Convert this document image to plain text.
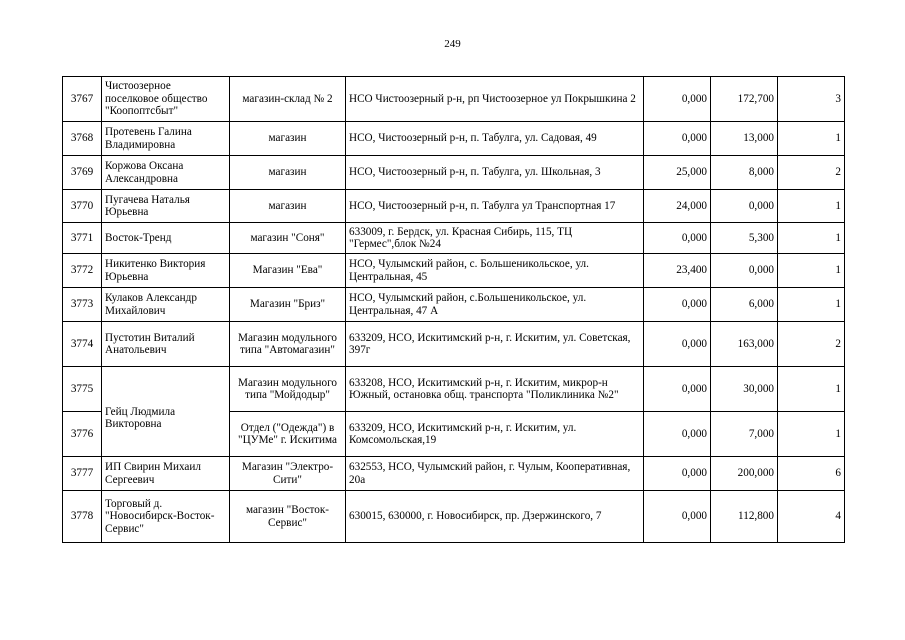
249
3767	Чистоозерное поселковое общество "Коопоптсбыт"	магазин-склад № 2	НСО Чистоозерный р-н, рп Чистоозерное ул Покрышкина 2	0,000	172,700	3
3768	Протевень Галина Владимировна	магазин	НСО, Чистоозерный р-н, п. Табулга, ул. Садовая, 49	0,000	13,000	1
3769	Коржова Оксана Александровна	магазин	НСО, Чистоозерный р-н, п. Табулга, ул. Школьная, 3	25,000	8,000	2
3770	Пугачева Наталья Юрьевна	магазин	НСО, Чистоозерный р-н, п. Табулга ул Транспортная 17	24,000	0,000	1
3771	Восток-Тренд	магазин "Соня"	633009, г. Бердск, ул. Красная Сибирь, 115, ТЦ "Гермес",блок №24	0,000	5,300	1
3772	Никитенко Виктория Юрьевна	Магазин "Ева"	НСО, Чулымский район, с. Большеникольское, ул. Центральная, 45	23,400	0,000	1
3773	Кулаков Александр Михайлович	Магазин "Бриз"	НСО, Чулымский район, с.Большеникольское, ул. Центральная, 47 А	0,000	6,000	1
3774	Пустотин Виталий Анатольевич	Магазин модульного типа "Автомагазин"	633209, НСО, Искитимский р-н, г. Искитим, ул. Советская, 397г	0,000	163,000	2
3775	Гейц Людмила Викторовна	Магазин модульного типа "Мойдодыр"	633208, НСО, Искитимский р-н, г. Искитим, микрор-н Южный, остановка общ. транспорта "Поликлиника №2"	0,000	30,000	1
3776		Отдел ("Одежда") в "ЦУМе" г. Искитима	633209, НСО, Искитимский р-н, г. Искитим, ул. Комсомольская,19	0,000	7,000	1
3777	ИП Свирин Михаил Сергеевич	Магазин "Электро-Сити"	632553, НСО, Чулымский район, г. Чулым, Кооперативная, 20а	0,000	200,000	6
3778	Торговый д. "Новосибирск-Восток-Сервис"	магазин "Восток-Сервис"	630015, 630000, г. Новосибирск, пр. Дзержинского, 7	0,000	112,800	4
